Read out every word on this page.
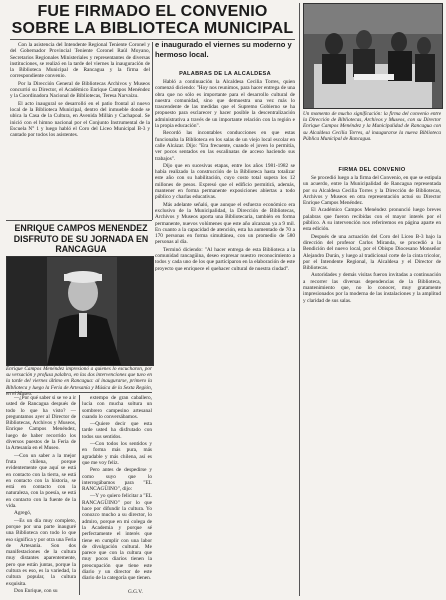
FUE FIRMADO EL CONVENIO
SOBRE LA BIBLIOTECA MUNICIPAL

Con la asistencia del Intendente Regional Teniente Coronel y del Gobernador Provincial Teniente Coronel Raúl Moyano, Secretarios Regionales Ministeriales y representantes de diversas instituciones, se realizó en la tarde del viernes la inauguración de la Biblioteca Municipal de Rancagua y la firma del correspondiente convenio.

Por la Dirección General de Bibliotecas Archivos y Museos concurrió su Director, el Académico Enrique Campos Menéndez y la Coordinadora Nacional de Bibliotecas, Teresa Narvaízu.

El acto inaugural se desarrolló en el patio frontal al nuevo local de la Biblioteca Municipal, dentro del inmueble donde se ubica la Casa de la Cultura, en Avenida Millán y Cachapoal. Se inició con el himno nacional por el Conjunto Instrumental de la Escuela N° 1 y luego habló el Coro del Liceo Municipal B-3 y cantado por todos los asistentes.

e inaugurado el viernes su moderno y hermoso local.
PALABRAS DE LA ALCALDESA

Habló a continuación la Alcaldesa Cecilia Torres, quien comenzó diciendo: "Hoy nos reunimos, para hacer entrega de una obra que no sólo es importante para el desarrollo cultural de nuestra comunidad, sino que demuestra una vez más lo trascendente de las medidas que el Supremo Gobierno se ha propuesto para esclarecer y hacer posible la descentralización administrativa a través de un importante relación con la región e la propia educación".

Recordó las incontables conducciones en que estas funcionaba la Biblioteca en los salas de un viejo local escolar en calle Alcázar. Dijo: "Era frecuente, cuando el joven lo permitía, ver pocos sentados en las escalinatas de acceso haciendo sus trabajos".

Dijo que en sucesivas etapas, entre los años 1981-1982 se había realizado la construcción de la Biblioteca hasta totalizar este año con su habilitación, cuyo costo total supera los 12 millones de pesos. Expresó que el edificio permitirá, además, mantener en forma permanente exposiciones abiertas a todo público y charlas educativas.

Más adelante señaló, que aunque el esfuerzo económico era exclusivo de la Municipalidad, la Dirección de Bibliotecas, Archivos y Museos aporta una Bibliotecaria, también en forma permanente, nuevos volúmenes que este año alcanzan ya a 9 mil. En cuanto a la capacidad de atención, esta ha aumentado de 70 a 170 personas en forma simultánea, con un promedio de 580 personas al día.

Terminó diciendo: "Al hacer entrega de esta Biblioteca a la comunidad rancagüina, deseo expresar nuestro reconocimiento a todos y cada uno de los que participaron en la elaboración de este proyecto que enriquece el quehacer cultural de nuestra ciudad".

Un momento de mucho significación: la firma del convenio entre la Dirección de Bibliotecas, Archivos y Museos, con su Director Enrique Campos Menéndez y la Municipalidad de Rancagua con su Alcaldesa Cecilia Torres, al inaugurarse la nueva Biblioteca Pública Municipal de Rancagua.
FIRMA DEL CONVENIO

Se procedió luego a la firma del Convenio, en que se estipula un acuerdo, entre la Municipalidad de Rancagua representada por su Alcaldesa Cecilia Torres y la Dirección de Bibliotecas, Archivos y Museos en otra representación actuó su Director Enrique Campos Menéndez.

El Académico Campos Menéndez pronunció luego breves palabras que fueron recibidas con el mayor interés por el público. A su intervención nos referiremos en página aparte en esta edición.

Después de una actuación del Coro del Liceo B-3 bajo la dirección del profesor Carlos Miranda, se procedió a la Bendición del nuevo local, por el Obispo Diocesano Monseñor Alejandro Durán, y luego al tradicional corte de la cinta tricolor, por el Intendente Regional, la Alcaldesa y el Director de Bibliotecas.

Autoridades y demás visitas fueron invitadas a continuación a recorrer las diversas dependencias de la Biblioteca, mantenimiento que, no lo conocer, muy gratamente impresionados por la moderna de las instalaciones y la amplitud y claridad de sus salas.

ENRIQUE CAMPOS MENENDEZ DISFRUTO DE SU JORNADA EN RANCAGUA
Enrique Campos Menéndez impresionó a quienes lo escucharon, por su versación y profusa palabra, en las dos intervenciones que tuvo en la tarde del viernes último en Rancagua: al inaugurarse, primero la Biblioteca y luego la Feria de Artesanía y Música de la Sexta Región, en el Museo.

—¿Por qué saber si se ve a ir usted de Rancagua después de todo lo que ha visto? —preguntamos ayer al Director de Bibliotecas, Archivos y Museos, Enrique Campos Menéndez, luego de haber recorrido los diversos puestos de la Feria de la Artesanía en el Museo.

—Con un saber a la mejor fruta chilena, porque evidentemente que aquí se está en contacto con la tierra, se está en contacto con la historia, se está en contacto con la naturaleza, con la poesía, se está en contacto con la fuente de la vida.

Agregó,

—Es un día muy completo, porque por una parte inauguré una Biblioteca con todo lo que eso significa y por otra una Feria de Artesanía. Son dos manifestaciones de la cultura muy distantes aparentemente, pero que están juntas, porque la cultura es eso, es la variedad, la cultura popular, la cultura exquisita.

Don Enrique, con su

extempo de gran caballero, lucía con mucha soltura un sombrero campesino artesanal cuando lo conversábamos.

—Quiere decir que esta tarde usted ha disfrutado con todos sus sentidos.

—Con todos los sentidos y en forma más pura, más agradable y más chilena, así es que me voy feliz.

Pero antes de despedirse y como suyo que lo interrogábamos para "EL RANCAGÜINO", dijo:

—Y yo quiero felicitar a "EL RANCAGÜINO" por lo que hace por difundir la cultura. Yo conozco mucho a su director, lo admiro, porque en mi colega de la Academia y porque sé perfectamente el interés que tiene en cumplir con una labor de divulgación cultural. Me parece que con la cultura que muy pocos diarios tienen la preocupación que tiene este diario y un director de este diario de la categoría que tienen.

G.G.V.
